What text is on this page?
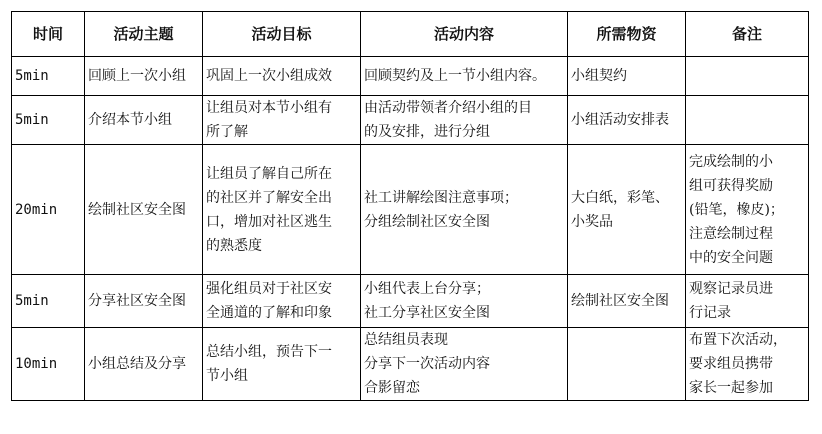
时间	活动主题	活动目标	活动内容	所需物资	备注
5min	回顾上一次小组	巩固上一次小组成效	回顾契约及上一节小组内容。	小组契约	
5min	介绍本节小组	让组员对本节小组有
所了解	由活动带领者介绍小组的目
的及安排，进行分组	小组活动安排表	
20min	绘制社区安全图	让组员了解自己所在
的社区并了解安全出
口，增加对社区逃生
的熟悉度	社工讲解绘图注意事项；
分组绘制社区安全图	大白纸，彩笔、
小奖品	完成绘制的小
组可获得奖励
(铅笔，橡皮)；
注意绘制过程
中的安全问题
5min	分享社区安全图	强化组员对于社区安
全通道的了解和印象	小组代表上台分享；
社工分享社区安全图	绘制社区安全图	观察记录员进
行记录
10min	小组总结及分享	总结小组，预告下一
节小组	总结组员表现
分享下一次活动内容
合影留恋		布置下次活动，
要求组员携带
家长一起参加
